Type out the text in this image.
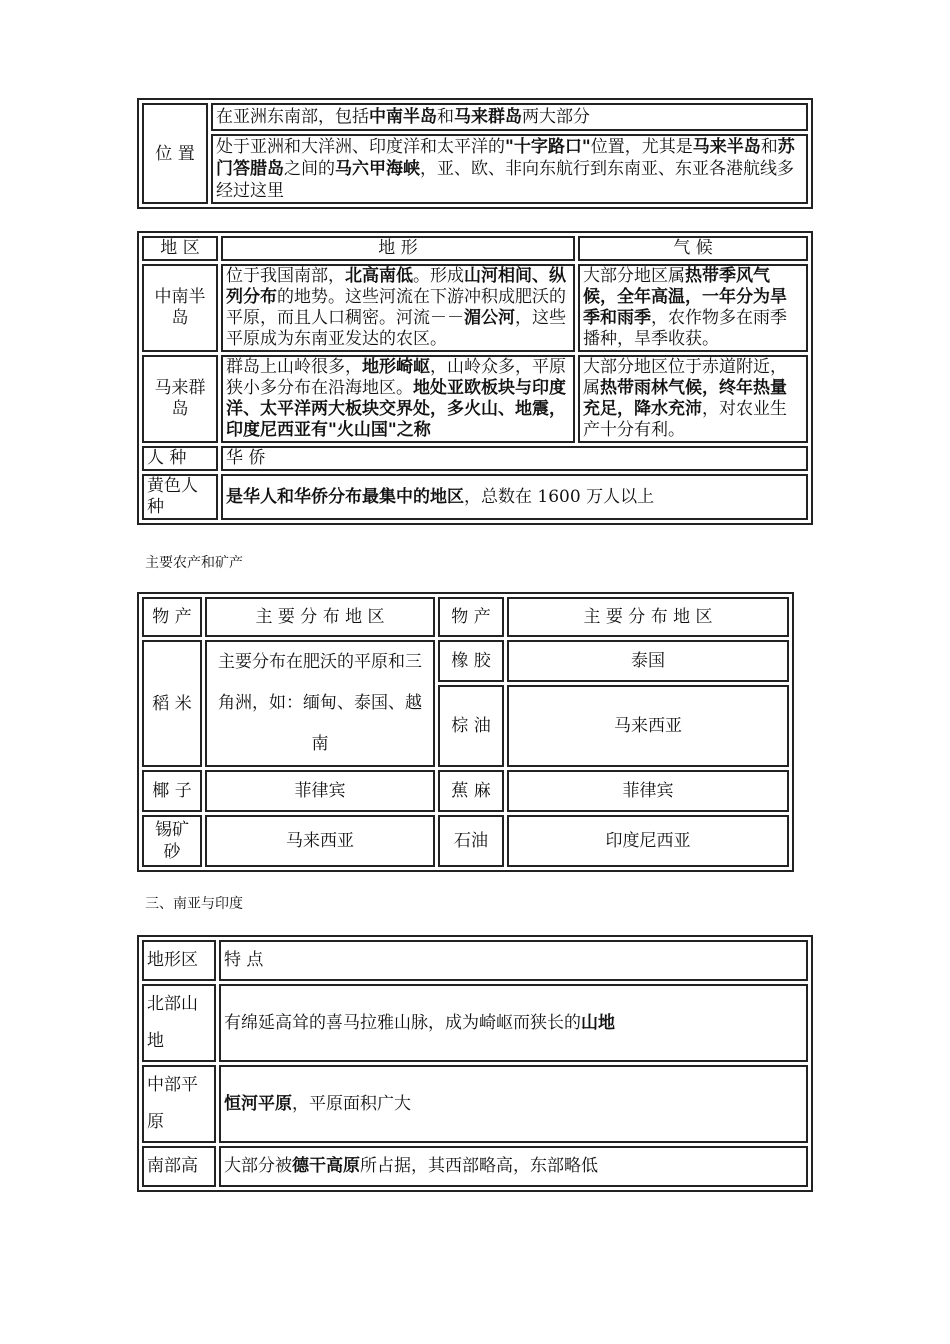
位 置	在亚洲东南部，包括中南半岛和马来群岛两大部分
处于亚洲和大洋洲、印度洋和太平洋的"十字路口"位置，尤其是马来半岛和苏门答腊岛之间的马六甲海峡，亚、欧、非向东航行到东南亚、东亚各港航线多经过这里
地 区	地 形	气 候
中南半岛	位于我国南部，北高南低。形成山河相间、纵列分布的地势。这些河流在下游冲积成肥沃的平原，而且人口稠密。河流－－湄公河，这些平原成为东南亚发达的农区。	大部分地区属热带季风气候，全年高温，一年分为旱季和雨季，农作物多在雨季播种，旱季收获。
马来群岛	群岛上山岭很多，地形崎岖，山岭众多，平原狭小多分布在沿海地区。地处亚欧板块与印度洋、太平洋两大板块交界处，多火山、地震，印度尼西亚有"火山国"之称	大部分地区位于赤道附近，属热带雨林气候，终年热量充足，降水充沛，对农业生产十分有利。
人 种	华 侨	
黄色人种	是华人和华侨分布最集中的地区，总数在 1600 万人以上	
主要农产和矿产
物 产	主 要 分 布 地 区	物 产	主 要 分 布 地 区
稻 米	主要分布在肥沃的平原和三角洲，如：缅甸、泰国、越南	橡 胶	泰国
		棕 油	马来西亚
椰 子	菲律宾	蕉 麻	菲律宾
锡矿砂	马来西亚	石油	印度尼西亚
三、南亚与印度
地形区	特 点
北部山地	有绵延高耸的喜马拉雅山脉，成为崎岖而狭长的山地
中部平原	恒河平原，平原面积广大
南部高	大部分被德干高原所占据，其西部略高，东部略低
